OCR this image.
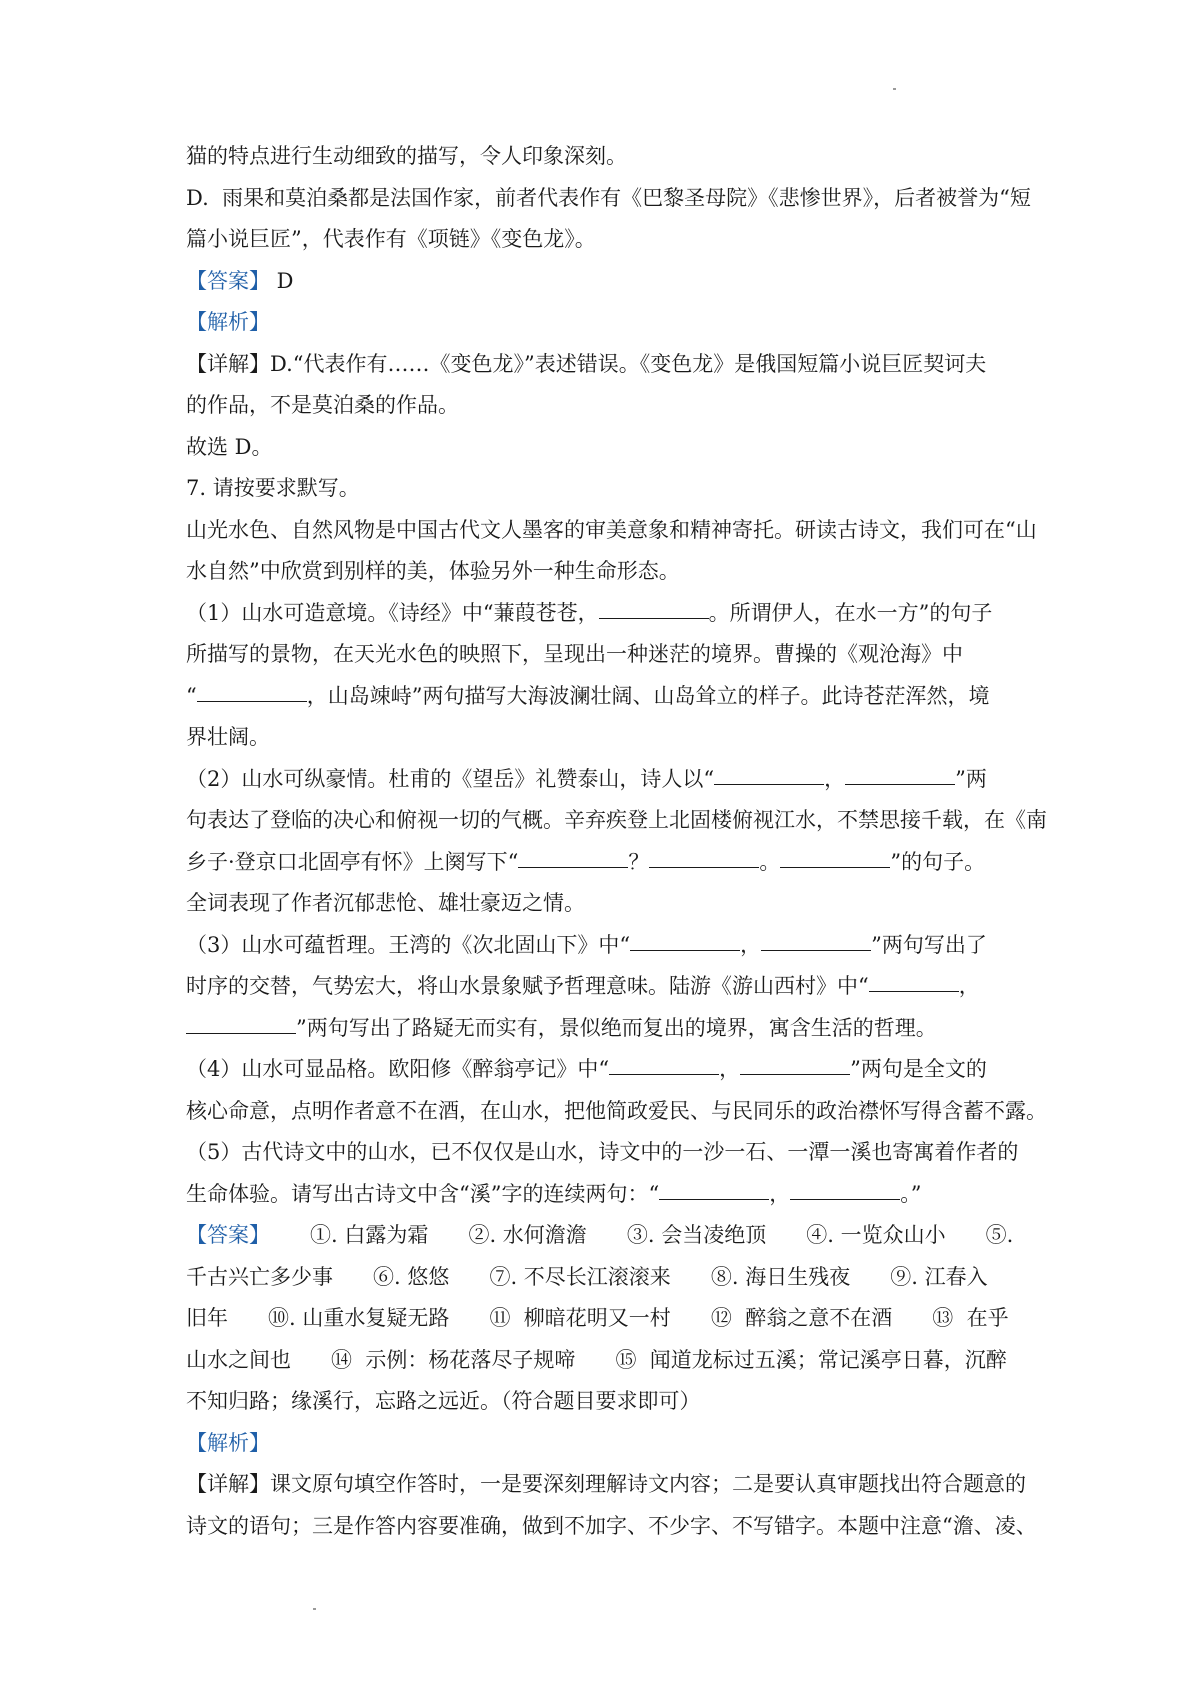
猫的特点进行生动细致的描写，令人印象深刻。

D.  雨果和莫泊桑都是法国作家，前者代表作有《巴黎圣母院》《悲惨世界》，后者被誉为“短

篇小说巨匠”，代表作有《项链》《变色龙》。

【答案】 D

【解析】

【详解】D.“代表作有……《变色龙》”表述错误。《变色龙》是俄国短篇小说巨匠契诃夫

的作品，不是莫泊桑的作品。

故选 D。

7. 请按要求默写。

山光水色、自然风物是中国古代文人墨客的审美意象和精神寄托。研读古诗文，我们可在“山

水自然”中欣赏到别样的美，体验另外一种生命形态。

（1）山水可造意境。《诗经》中“蒹葭苍苍，	。所谓伊人，在水一方”的句子

所描写的景物，在天光水色的映照下，呈现出一种迷茫的境界。曹操的《观沧海》中

“	，山岛竦峙”两句描写大海波澜壮阔、山岛耸立的样子。此诗苍茫浑然，境

界壮阔。

（2）山水可纵豪情。杜甫的《望岳》礼赞泰山，诗人以“	，	”两

句表达了登临的决心和俯视一切的气概。辛弃疾登上北固楼俯视江水，不禁思接千载，在《南

乡子·登京口北固亭有怀》上阕写下“	？	。	”的句子。

全词表现了作者沉郁悲怆、雄壮豪迈之情。

（3）山水可蕴哲理。王湾的《次北固山下》中“	，	”两句写出了

时序的交替，气势宏大，将山水景象赋予哲理意味。陆游《游山西村》中“	，

”两句写出了路疑无而实有，景似绝而复出的境界，寓含生活的哲理。

（4）山水可显品格。欧阳修《醉翁亭记》中“	，	”两句是全文的

核心命意，点明作者意不在酒，在山水，把他简政爱民、与民同乐的政治襟怀写得含蓄不露。

（5）古代诗文中的山水，已不仅仅是山水，诗文中的一沙一石、一潭一溪也寄寓着作者的

生命体验。请写出古诗文中含“溪”字的连续两句：“	，	。”

【答案】      ①. 白露为霜      ②. 水何澹澹      ③. 会当凌绝顶      ④. 一览众山小      ⑤.

千古兴亡多少事      ⑥. 悠悠      ⑦. 不尽长江滚滚来      ⑧. 海日生残夜      ⑨. 江春入

旧年      ⑩. 山重水复疑无路      ⑪  柳暗花明又一村      ⑫  醉翁之意不在酒      ⑬  在乎

山水之间也      ⑭  示例：杨花落尽子规啼      ⑮  闻道龙标过五溪；常记溪亭日暮，沉醉

不知归路；缘溪行，忘路之远近。（符合题目要求即可）

【解析】

【详解】课文原句填空作答时，一是要深刻理解诗文内容；二是要认真审题找出符合题意的

诗文的语句；三是作答内容要准确，做到不加字、不少字、不写错字。本题中注意“澹、凌、
